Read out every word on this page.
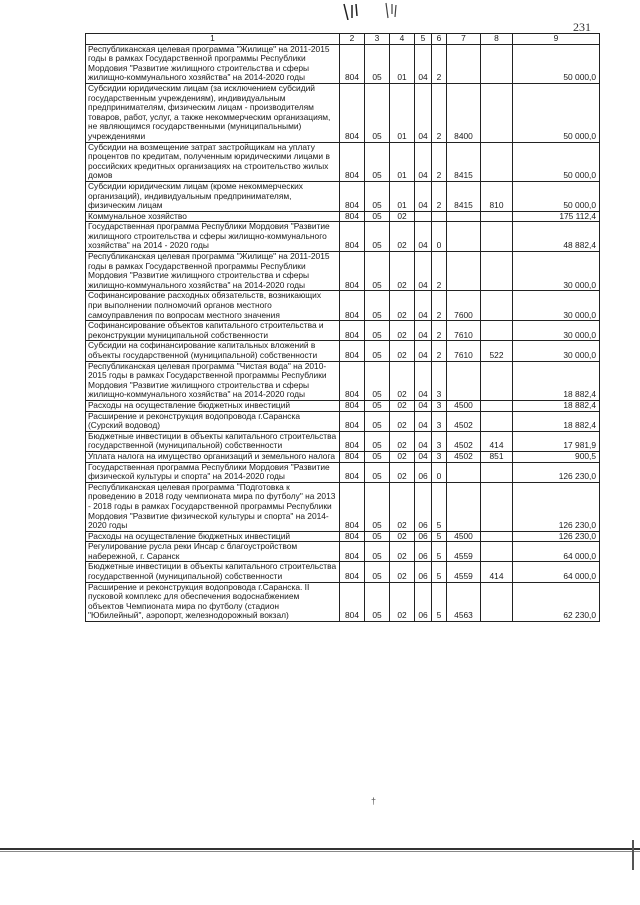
231
1	2	3	4	5	6	7	8	9
Республиканская целевая программа "Жилище" на 2011-2015 годы в рамках Государственной программы Республики Мордовия "Развитие жилищного строительства и сферы жилищно-коммунального хозяйства" на 2014-2020 годы	804	05	01	04	2			50 000,0
Субсидии юридическим лицам (за исключением субсидий государственным учреждениям), индивидуальным предпринимателям, физическим лицам - производителям товаров, работ, услуг, а также некоммерческим организациям, не являющимся государственными (муниципальными) учреждениями	804	05	01	04	2	8400		50 000,0
Субсидии на возмещение затрат застройщикам на уплату процентов по кредитам, полученным юридическими лицами в российских кредитных организациях на строительство жилых домов	804	05	01	04	2	8415		50 000,0
Субсидии юридическим лицам (кроме некоммерческих организаций), индивидуальным предпринимателям, физическим лицам	804	05	01	04	2	8415	810	50 000,0
Коммунальное хозяйство	804	05	02					175 112,4
Государственная программа Республики Мордовия "Развитие жилищного строительства и сферы жилищно-коммунального хозяйства" на 2014 - 2020 годы	804	05	02	04	0			48 882,4
Республиканская целевая программа "Жилище" на 2011-2015 годы в рамках Государственной программы Республики Мордовия "Развитие жилищного строительства и сферы жилищно-коммунального хозяйства" на 2014-2020 годы	804	05	02	04	2			30 000,0
Софинансирование расходных обязательств, возникающих при выполнении полномочий органов местного самоуправления по вопросам местного значения	804	05	02	04	2	7600		30 000,0
Софинансирование объектов капитального строительства и реконструкции муниципальной собственности	804	05	02	04	2	7610		30 000,0
Субсидии на софинансирование капитальных вложений в объекты государственной (муниципальной) собственности	804	05	02	04	2	7610	522	30 000,0
Республиканская целевая программа "Чистая вода" на 2010-2015 годы в рамках Государственной программы Республики Мордовия "Развитие жилищного строительства и сферы жилищно-коммунального хозяйства" на 2014-2020 годы	804	05	02	04	3			18 882,4
Расходы на осуществление бюджетных инвестиций	804	05	02	04	3	4500		18 882,4
Расширение и реконструкция водопровода г.Саранска (Сурский водовод)	804	05	02	04	3	4502		18 882,4
Бюджетные инвестиции в объекты капитального строительства государственной (муниципальной) собственности	804	05	02	04	3	4502	414	17 981,9
Уплата налога на имущество организаций и земельного налога	804	05	02	04	3	4502	851	900,5
Государственная программа Республики Мордовия "Развитие физической культуры и спорта" на 2014-2020 годы	804	05	02	06	0			126 230,0
Республиканская целевая программа "Подготовка к проведению в 2018 году чемпионата мира по футболу" на 2013 - 2018 годы в рамках Государственной программы Республики Мордовия "Развитие физической культуры и спорта" на 2014-2020 годы	804	05	02	06	5			126 230,0
Расходы на осуществление бюджетных инвестиций	804	05	02	06	5	4500		126 230,0
Регулирование русла реки Инсар с благоустройством набережной, г. Саранск	804	05	02	06	5	4559		64 000,0
Бюджетные инвестиции в объекты капитального строительства государственной (муниципальной) собственности	804	05	02	06	5	4559	414	64 000,0
Расширение и реконструкция водопровода г.Саранска. II пусковой комплекс для обеспечения водоснабжением объектов Чемпионата мира по футболу (стадион "Юбилейный", аэропорт, железнодорожный вокзал)	804	05	02	06	5	4563		62 230,0
†
